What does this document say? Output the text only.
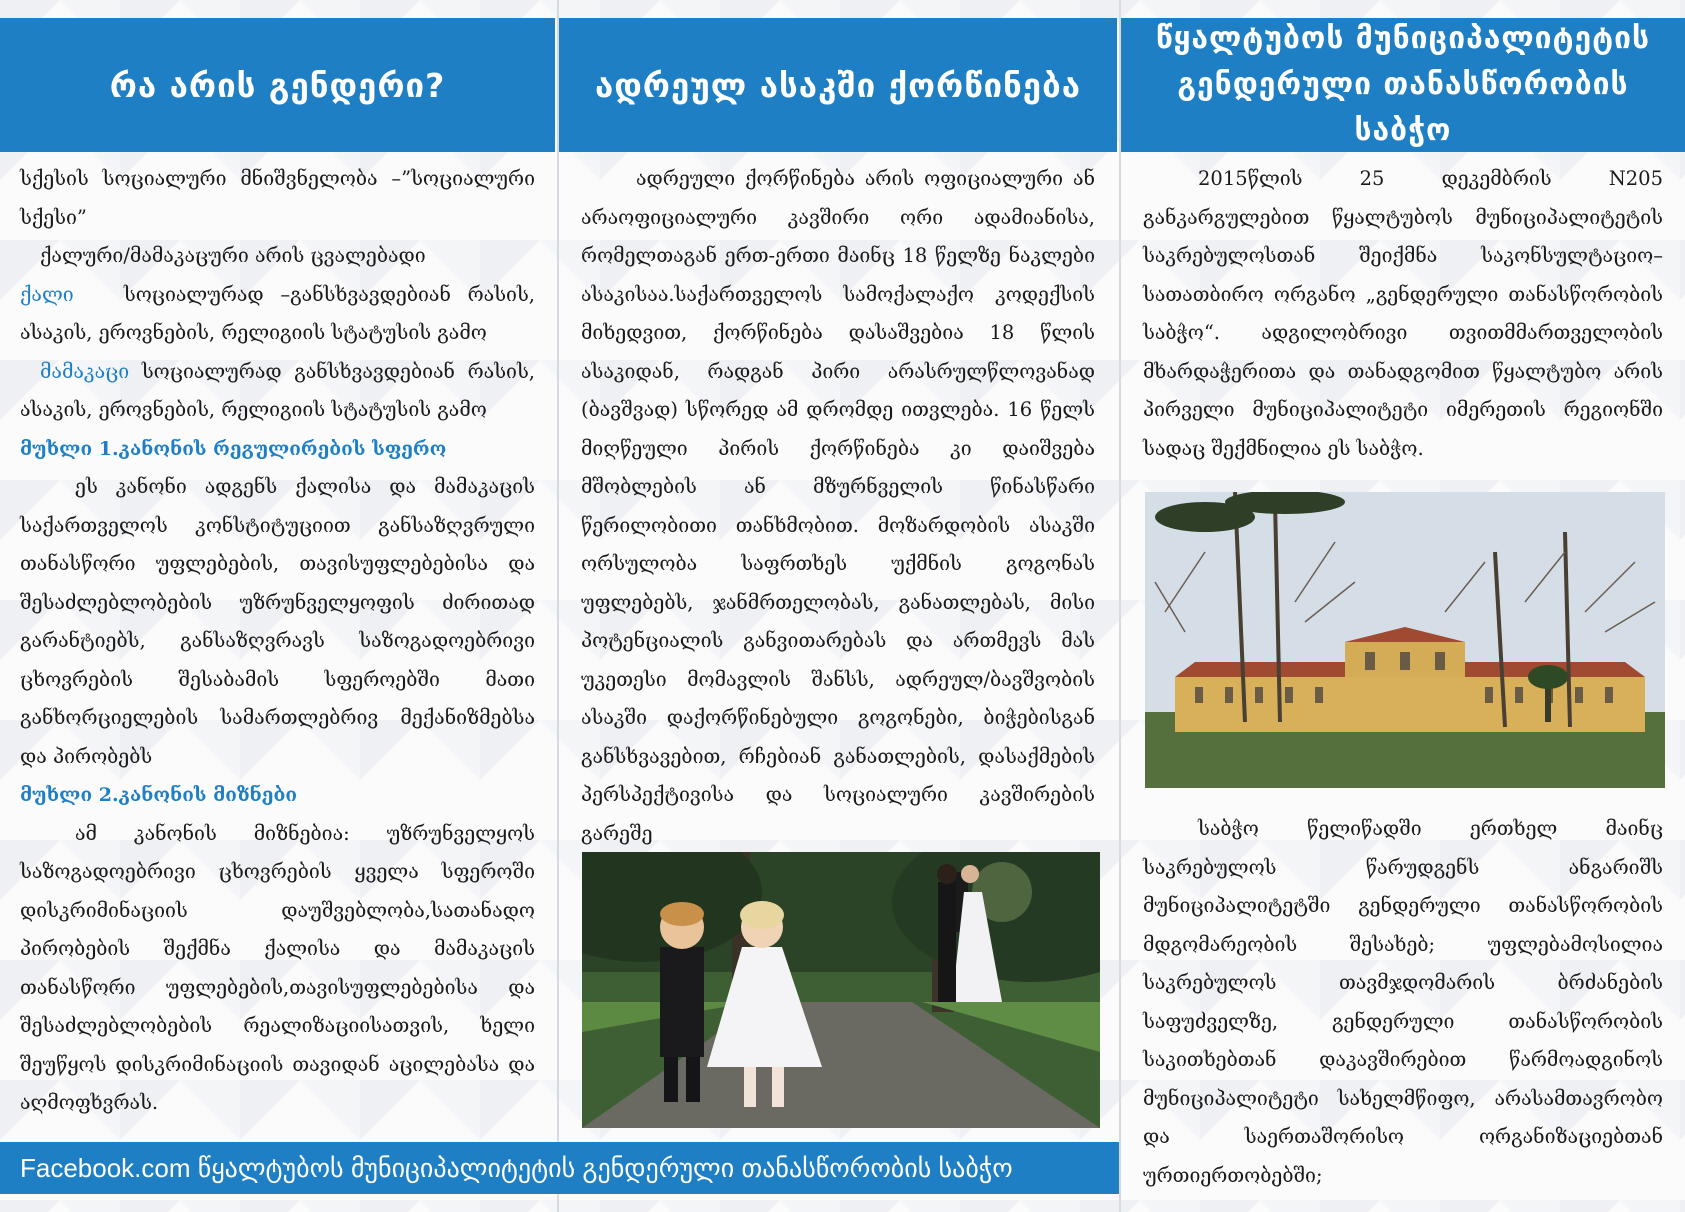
რა არის გენდერი?

სქესის სოციალური მნიშვნელობა –”სოციალური სქესი”

ქალური/მამაკაცური არის ცვალებადი

ქალი	სოციალურად –განსხვავდებიან რასის, ასაკის, ეროვნების, რელიგიის სტატუსის გამო

მამაკაცი სოციალურად განსხვავდებიან რასის, ასაკის, ეროვნების, რელიგიის სტატუსის გამო

მუხლი 1.კანონის რეგულირების სფერო

ეს კანონი ადგენს ქალისა და მამაკაცის საქართველოს კონსტიტუციით განსაზღვრული თანასწორი უფლებების, თავისუფლებებისა და შესაძლებლობების უზრუნველყოფის ძირითად გარანტიებს, განსაზღვრავს საზოგადოებრივი ცხოვრების შესაბამის სფეროებში მათი განხორციელების სამართლებრივ მექანიზმებსა და პირობებს

მუხლი 2.კანონის მიზნები

ამ კანონის მიზნებია: უზრუნველყოს საზოგადოებრივი ცხოვრების ყველა სფეროში დისკრიმინაციის დაუშვებლობა,სათანადო პირობების შექმნა ქალისა და მამაკაცის თანასწორი უფლებების,თავისუფლებებისა და შესაძლებლობების რეალიზაციისათვის, ხელი შეუწყოს დისკრიმინაციის თავიდან აცილებასა და აღმოფხვრას.

ადრეულ ასაკში ქორწინება

ადრეული ქორწინება არის ოფიციალური ან არაოფიციალური კავშირი ორი ადამიანისა, რომელთაგან ერთ-ერთი მაინც 18 წელზე ნაკლები ასაკისაა.საქართველოს სამოქალაქო კოდექსის მიხედვით, ქორწინება დასაშვებია 18 წლის ასაკიდან, რადგან პირი არასრულწლოვანად (ბავშვად) სწორედ ამ დრომდე ითვლება. 16 წელს მიღწეული პირის ქორწინება კი დაიშვება მშობლების ან მზურნველის წინასწარი წერილობითი თანხმობით. მოზარდობის ასაკში ორსულობა საფრთხეს უქმნის გოგონას უფლებებს, ჯანმრთელობას, განათლებას, მისი პოტენციალის განვითარებას და ართმევს მას უკეთესი მომავლის შანსს, ადრეულ/ბავშვობის ასაკში დაქორწინებული გოგონები, ბიჭებისგან განსხვავებით, რჩებიან განათლების, დასაქმების პერსპექტივისა და სოციალური კავშირების გარეშე

წყალტუბოს მუნიციპალიტეტის გენდერული თანასწორობის საბჭო

2015წლის 25 დეკემბრის N205 განკარგულებით წყალტუბოს მუნიციპალიტეტის საკრებულოსთან შეიქმნა საკონსულტაციო–სათათბირო ორგანო „გენდერული თანასწორობის საბჭო“. ადგილობრივი თვითმმართველობის მხარდაჭერითა და თანადგომით წყალტუბო არის პირველი მუნიციპალიტეტი იმერეთის რეგიონში სადაც შექმნილია ეს საბჭო.

საბჭო წელიწადში ერთხელ მაინც საკრებულოს წარუდგენს ანგარიშს მუნიციპალიტეტში გენდერული თანასწორობის მდგომარეობის შესახებ; უფლებამოსილია საკრებულოს თავმჯდომარის ბრძანების საფუძველზე, გენდერული თანასწორობის საკითხებთან დაკავშირებით წარმოადგინოს მუნიციპალიტეტი სახელმწიფო, არასამთავრობო და საერთაშორისო ორგანიზაციებთან ურთიერთობებში;

Facebook.com წყალტუბოს მუნიციპალიტეტის გენდერული თანასწორობის საბჭო
